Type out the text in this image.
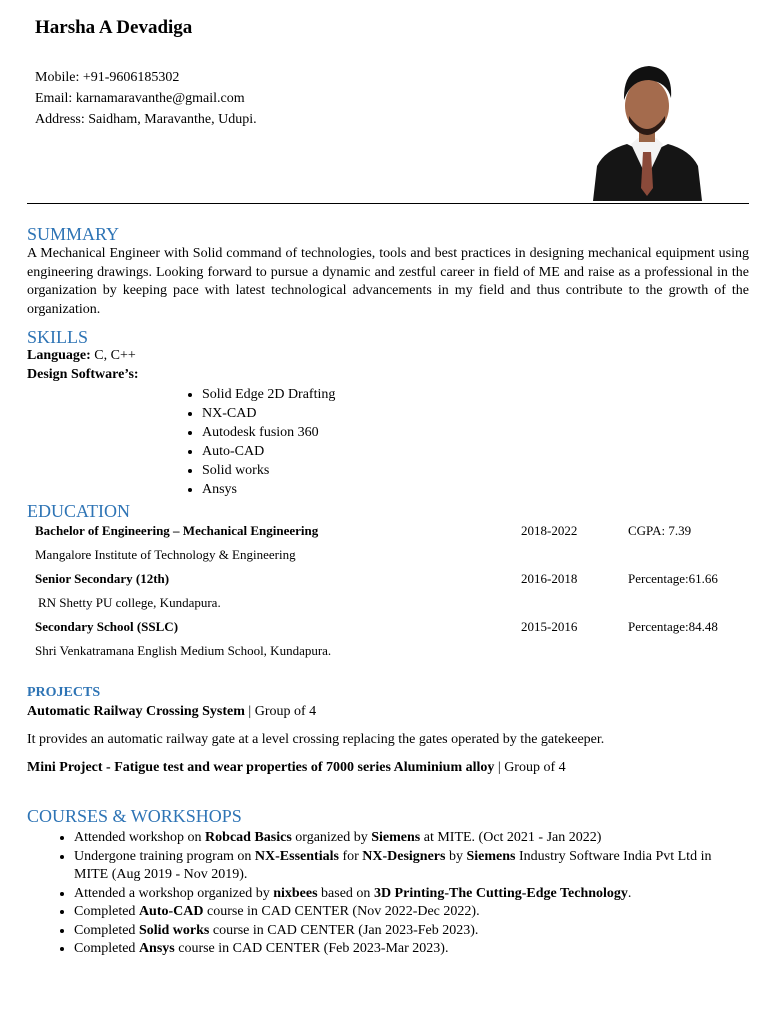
Harsha A Devadiga
Mobile: +91-9606185302
Email: karnamaravanthe@gmail.com
Address: Saidham, Maravanthe, Udupi.
SUMMARY
A Mechanical Engineer with Solid command of technologies, tools and best practices in designing mechanical equipment using engineering drawings. Looking forward to pursue a dynamic and zestful career in field of ME and raise as a professional in the organization by keeping pace with latest technological advancements in my field and thus contribute to the growth of the organization.
SKILLS
Language: C, C++
Design Software’s:
• Solid Edge 2D Drafting
• NX-CAD
• Autodesk fusion 360
• Auto-CAD
• Solid works
• Ansys
EDUCATION
Bachelor of Engineering – Mechanical Engineering	2018-2022	CGPA: 7.39
Mangalore Institute of Technology & Engineering
Senior Secondary (12th)	2016-2018	Percentage:61.66
RN Shetty PU college, Kundapura.
Secondary School (SSLC)	2015-2016	Percentage:84.48
Shri Venkatramana English Medium School, Kundapura.
PROJECTS
Automatic Railway Crossing System | Group of 4
It provides an automatic railway gate at a level crossing replacing the gates operated by the gatekeeper.
Mini Project - Fatigue test and wear properties of 7000 series Aluminium alloy | Group of 4
COURSES & WORKSHOPS
• Attended workshop on Robcad Basics organized by Siemens at MITE. (Oct 2021 - Jan 2022)
• Undergone training program on NX-Essentials for NX-Designers by Siemens Industry Software India Pvt Ltd in MITE (Aug 2019 - Nov 2019).
• Attended a workshop organized by nixbees based on 3D Printing-The Cutting-Edge Technology.
• Completed Auto-CAD course in CAD CENTER (Nov 2022-Dec 2022).
• Completed Solid works course in CAD CENTER (Jan 2023-Feb 2023).
• Completed Ansys course in CAD CENTER (Feb 2023-Mar 2023).
